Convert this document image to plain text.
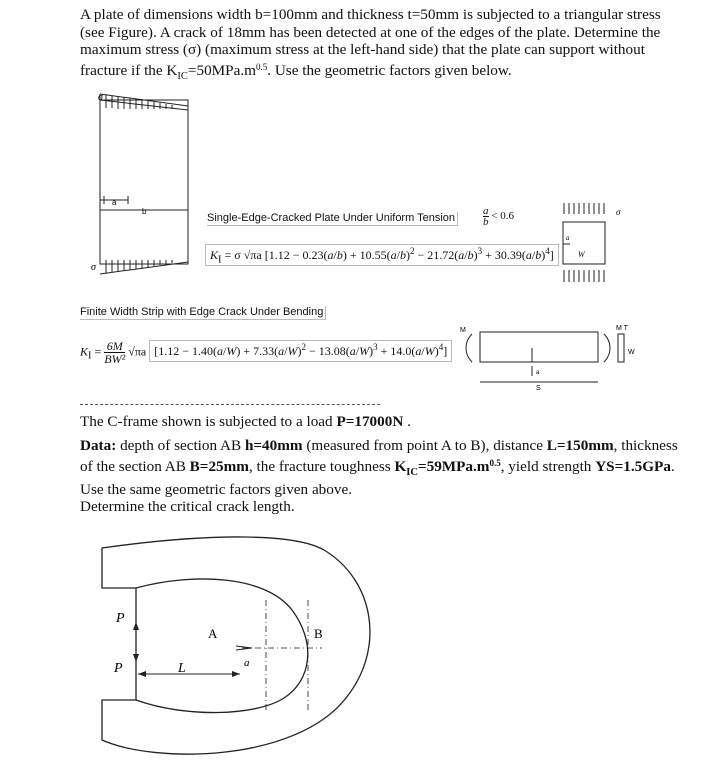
A plate of dimensions width b=100mm and thickness t=50mm is subjected to a triangular stress (see Figure). A crack of 18mm has been detected at one of the edges of the plate. Determine the maximum stress (σ) (maximum stress at the left-hand side) that the plate can support without fracture if the $K_{IC}=50MPa.m^{0.5}$. Use the geometric factors given below.
σ
σ
a
b
Single-Edge-Cracked Plate Under Uniform Tension	$\frac{a}{b} < 0.6$
$K_I = \sigma$ √πa $[1.12 - 0.23(a/b) + 10.55(a/b)^2 - 21.72(a/b)^3 + 30.39(a/b)^4]$
σ
a
W
Finite Width Strip with Edge Crack Under Bending
$K_I = \frac{6M}{\text{BW²}} √\pi a$ $[1.12 - 1.40(a/W) + 7.33(a/W)^2 - 13.08(a/W)^3 + 14.0(a/W)^4]$
M
S
a
M T
W
The C-frame shown is subjected to a load P=17000N .
Data: depth of section AB h=40mm (measured from point A to B), distance L=150mm, thickness of the section AB B=25mm, the fracture toughness $K_{IC}=59MPa.m^{0.5}$, yield strength YS=1.5GPa. Use the same geometric factors given above.
Determine the critical crack length.
P
P	L
A	B
a
